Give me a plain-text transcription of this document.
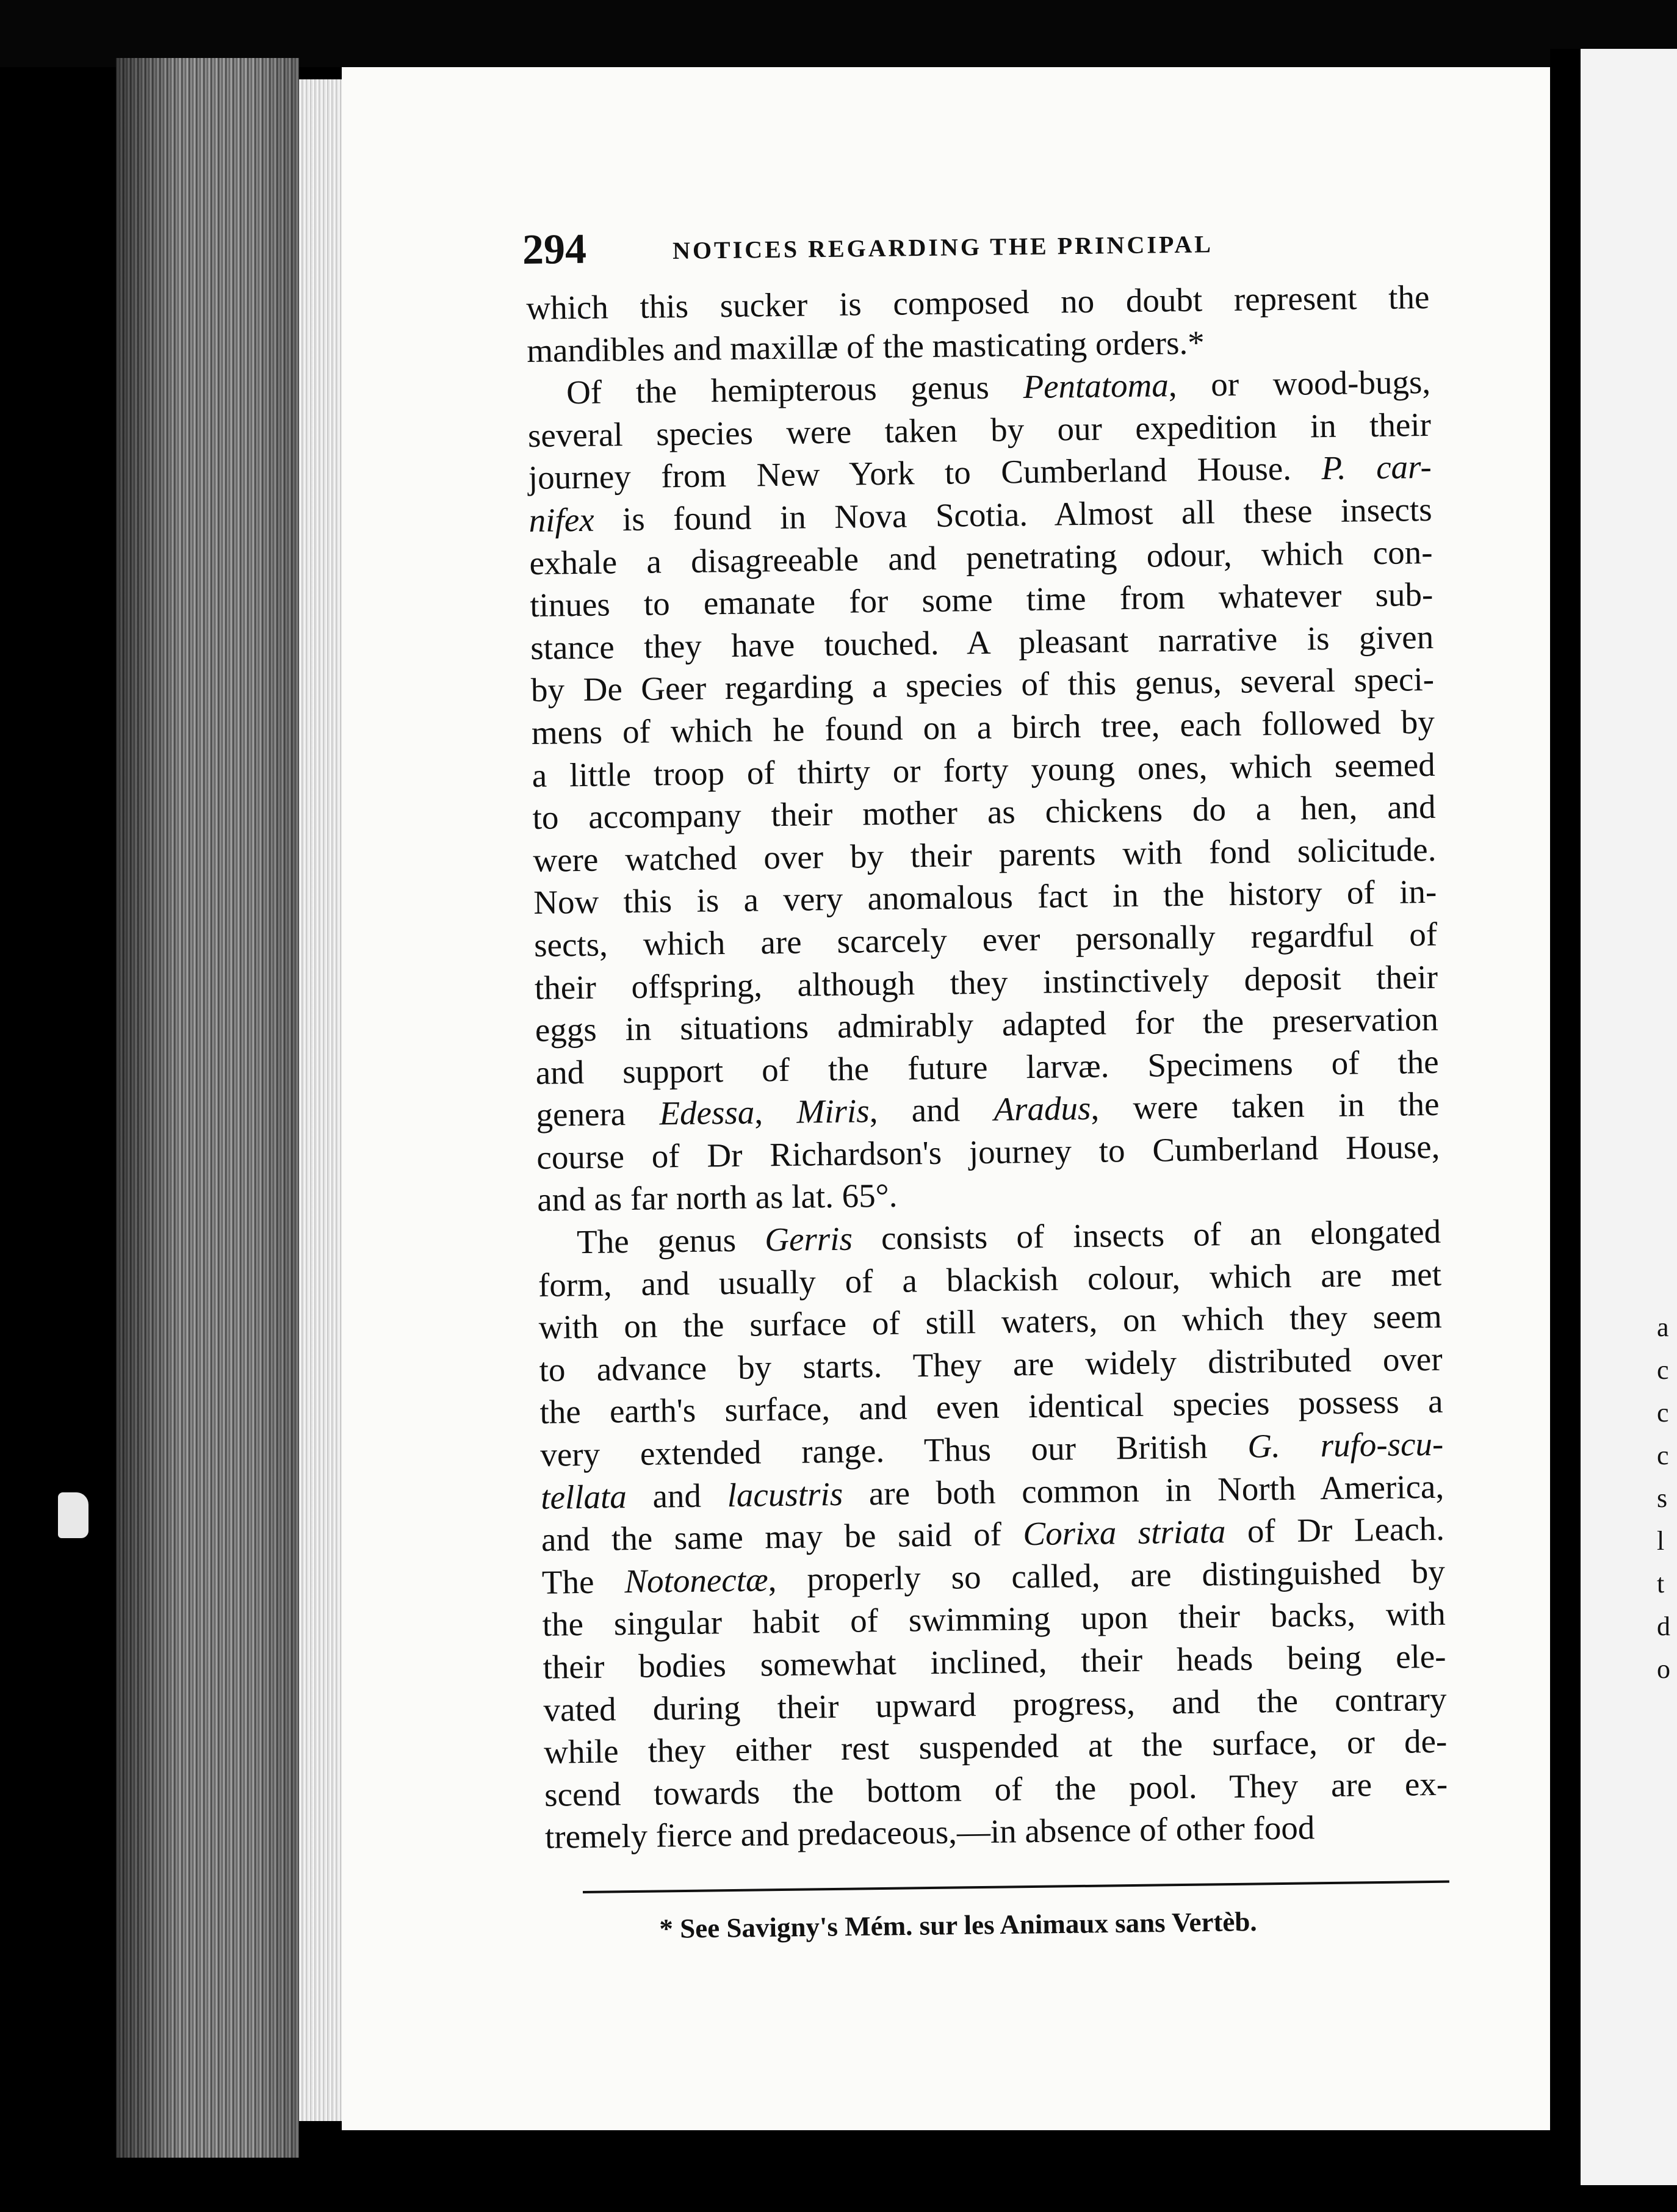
a
c
c
c
s
l
t
d
o
294	NOTICES REGARDING THE PRINCIPAL
which this sucker is composed no doubt represent the
mandibles and maxillæ of the masticating orders.*
Of the hemipterous genus Pentatoma, or wood-bugs,
several species were taken by our expedition in their
journey from New York to Cumberland House. P. car-
nifex is found in Nova Scotia. Almost all these insects
exhale a disagreeable and penetrating odour, which con-
tinues to emanate for some time from whatever sub-
stance they have touched. A pleasant narrative is given
by De Geer regarding a species of this genus, several speci-
mens of which he found on a birch tree, each followed by
a little troop of thirty or forty young ones, which seemed
to accompany their mother as chickens do a hen, and
were watched over by their parents with fond solicitude.
Now this is a very anomalous fact in the history of in-
sects, which are scarcely ever personally regardful of
their offspring, although they instinctively deposit their
eggs in situations admirably adapted for the preservation
and support of the future larvæ. Specimens of the
genera Edessa, Miris, and Aradus, were taken in the
course of Dr Richardson's journey to Cumberland House,
and as far north as lat. 65°.
The genus Gerris consists of insects of an elongated
form, and usually of a blackish colour, which are met
with on the surface of still waters, on which they seem
to advance by starts. They are widely distributed over
the earth's surface, and even identical species possess a
very extended range. Thus our British G. rufo-scu-
tellata and lacustris are both common in North America,
and the same may be said of Corixa striata of Dr Leach.
The Notonectæ, properly so called, are distinguished by
the singular habit of swimming upon their backs, with
their bodies somewhat inclined, their heads being ele-
vated during their upward progress, and the contrary
while they either rest suspended at the surface, or de-
scend towards the bottom of the pool. They are ex-
tremely fierce and predaceous,—in absence of other food
* See Savigny's Mém. sur les Animaux sans Vertèb.
